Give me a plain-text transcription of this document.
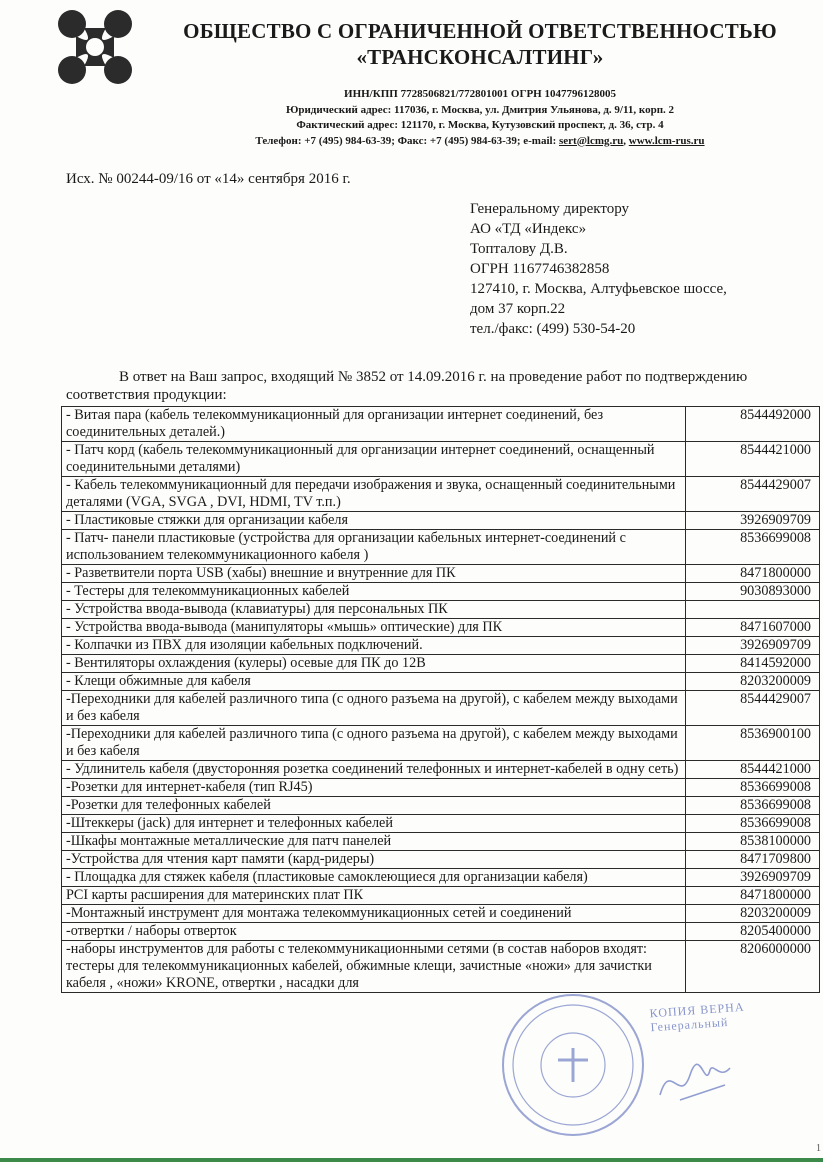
ОБЩЕСТВО С ОГРАНИЧЕННОЙ ОТВЕТСТВЕННОСТЬЮ
«ТРАНСКОНСАЛТИНГ»
ИНН/КПП 7728506821/772801001 ОГРН 1047796128005
Юридический адрес: 117036, г. Москва, ул. Дмитрия Ульянова, д. 9/11, корп. 2
Фактический адрес: 121170, г. Москва, Кутузовский проспект, д. 36, стр. 4
Телефон: +7 (495) 984-63-39; Факс: +7 (495) 984-63-39; e-mail: sert@lcmg.ru, www.lcm-rus.ru
Исх. № 00244-09/16 от «14» сентября 2016 г.
Генеральному директору
АО «ТД «Индекс»
Топталову Д.В.
ОГРН 1167746382858
127410, г. Москва, Алтуфьевское шоссе,
дом 37 корп.22
тел./факс: (499) 530-54-20
В ответ на Ваш запрос, входящий № 3852 от 14.09.2016 г. на проведение работ по подтверждению
соответствия продукции:
- Витая пара (кабель телекоммуникационный для организации интернет соединений, без соединительных деталей.)	8544492000
- Патч корд (кабель телекоммуникационный для организации интернет соединений, оснащенный соединительными деталями)	8544421000
- Кабель телекоммуникационный для передачи изображения и звука, оснащенный соединительными деталями (VGA, SVGA , DVI, HDMI, TV т.п.)	8544429007
- Пластиковые стяжки для организации кабеля	3926909709
- Патч- панели пластиковые (устройства для организации кабельных интернет-соединений с использованием телекоммуникационного кабеля )	8536699008
- Разветвители порта USB (хабы) внешние и внутренние для ПК	8471800000
- Тестеры для телекоммуникационных кабелей	9030893000
- Устройства ввода-вывода (клавиатуры) для персональных ПК	
- Устройства ввода-вывода (манипуляторы «мышь» оптические) для ПК	8471607000
- Колпачки из ПВХ для изоляции кабельных подключений.	3926909709
- Вентиляторы охлаждения (кулеры) осевые для ПК до 12В	8414592000
- Клещи обжимные для кабеля	8203200009
-Переходники для кабелей различного типа (с одного разъема на другой), с кабелем между выходами и без кабеля	8544429007
-Переходники для кабелей различного типа (с одного разъема на другой), с кабелем между выходами и без кабеля	8536900100
- Удлинитель кабеля (двусторонняя розетка соединений телефонных и интернет-кабелей в одну сеть)	8544421000
-Розетки для интернет-кабеля (тип RJ45)	8536699008
-Розетки для телефонных кабелей	8536699008
-Штеккеры (jack) для интернет и телефонных кабелей	8536699008
-Шкафы монтажные металлические для патч панелей	8538100000
-Устройства для чтения карт памяти (кард-ридеры)	8471709800
- Площадка для стяжек кабеля (пластиковые самоклеющиеся для организации кабеля)	3926909709
PCI карты расширения для материнских плат ПК	8471800000
-Монтажный инструмент для монтажа телекоммуникационных сетей и соединений	8203200009
-отвертки / наборы отверток	8205400000
-наборы инструментов для работы с телекоммуникационными сетями (в состав наборов входят: тестеры для телекоммуникационных кабелей, обжимные клещи, зачистные «ножи» для зачистки кабеля , «ножи» KRONE, отвертки , насадки для	8206000000
КОПИЯ ВЕРНА
Генеральный
1
